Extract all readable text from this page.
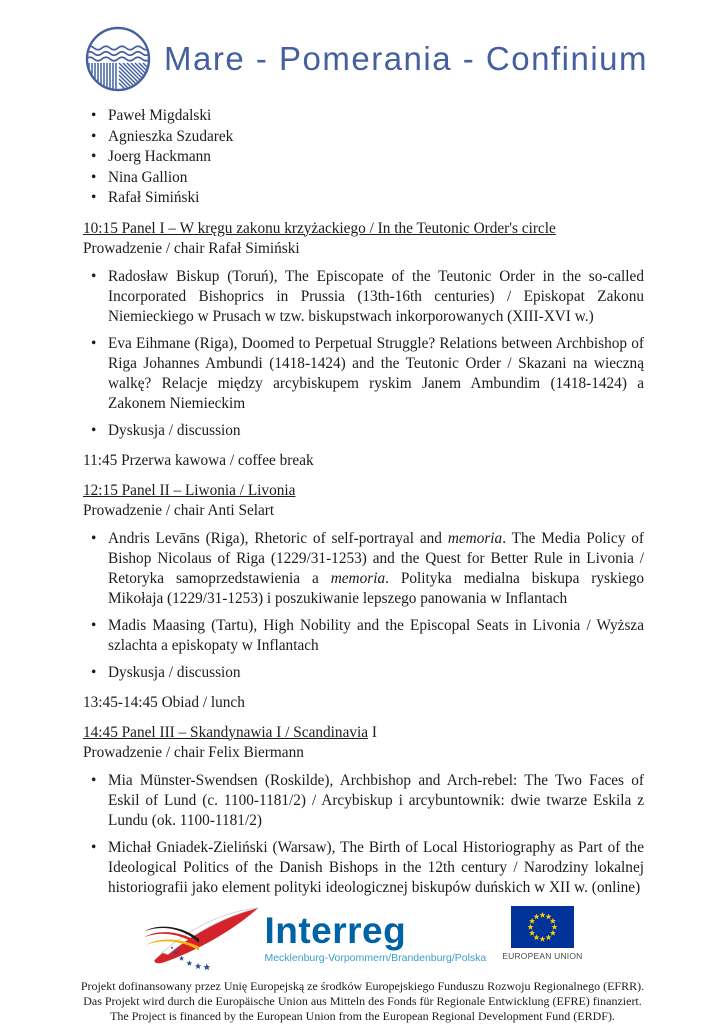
Mare - Pomerania - Confinium
• Paweł Migdalski
• Agnieszka Szudarek
• Joerg Hackmann
• Nina Gallion
• Rafał Simiński
10:15 Panel I – W kręgu zakonu krzyżackiego / In the Teutonic Order's circle
Prowadzenie / chair Rafał Simiński
• Radosław Biskup (Toruń), The Episcopate of the Teutonic Order in the so-called Incorporated Bishoprics in Prussia (13th-16th centuries) / Episkopat Zakonu Niemieckiego w Prusach w tzw. biskupstwach inkorporowanych (XIII-XVI w.)
• Eva Eihmane (Riga), Doomed to Perpetual Struggle? Relations between Archbishop of Riga Johannes Ambundi (1418-1424) and the Teutonic Order / Skazani na wieczną walkę? Relacje między arcybiskupem ryskim Janem Ambundim (1418-1424) a Zakonem Niemieckim
• Dyskusja / discussion
11:45 Przerwa kawowa / coffee break
12:15 Panel II – Liwonia / Livonia
Prowadzenie / chair Anti Selart
• Andris Levāns (Riga), Rhetoric of self-portrayal and memoria. The Media Policy of Bishop Nicolaus of Riga (1229/31-1253) and the Quest for Better Rule in Livonia / Retoryka samoprzedstawienia a memoria. Polityka medialna biskupa ryskiego Mikołaja (1229/31-1253) i poszukiwanie lepszego panowania w Inflantach
• Madis Maasing (Tartu), High Nobility and the Episcopal Seats in Livonia / Wyższa szlachta a episkopaty w Inflantach
• Dyskusja / discussion
13:45-14:45 Obiad / lunch
14:45 Panel III – Skandynawia I / Scandinavia I
Prowadzenie / chair Felix Biermann
• Mia Münster-Swendsen (Roskilde), Archbishop and Arch-rebel: The Two Faces of Eskil of Lund (c. 1100-1181/2) / Arcybiskup i arcybuntownik: dwie twarze Eskila z Lundu (ok. 1100-1181/2)
• Michał Gniadek-Zieliński (Warsaw), The Birth of Local Historiography as Part of the Ideological Politics of the Danish Bishops in the 12th century / Narodziny lokalnej historiografii jako element polityki ideologicznej biskupów duńskich w XII w. (online)
Interreg
Mecklenburg-Vorpommern/Brandenburg/Polska EUROPEAN UNION
Projekt dofinansowany przez Unię Europejską ze środków Europejskiego Funduszu Rozwoju Regionalnego (EFRR).
Das Projekt wird durch die Europäische Union aus Mitteln des Fonds für Regionale Entwicklung (EFRE) finanziert.
The Project is financed by the European Union from the European Regional Development Fund (ERDF).
